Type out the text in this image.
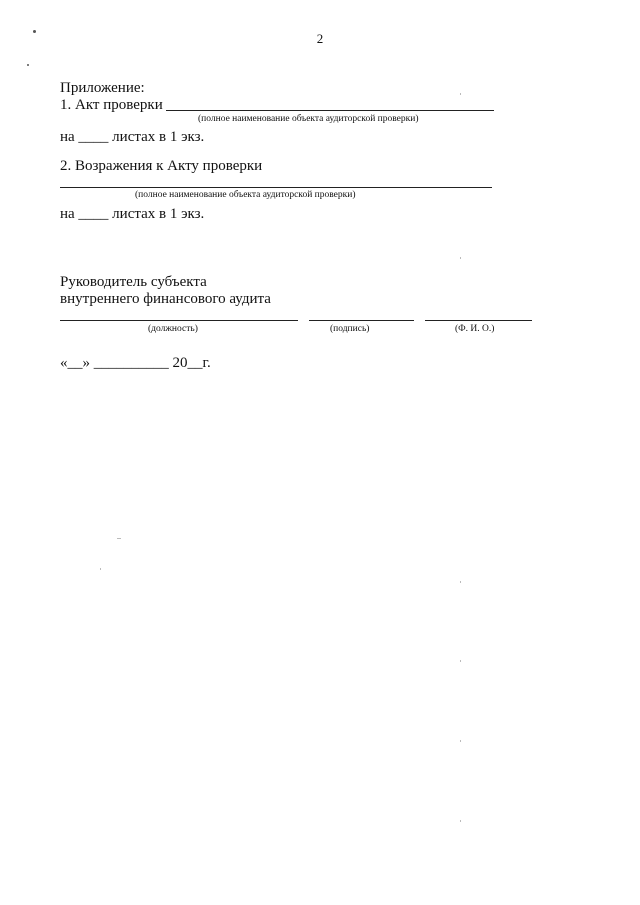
2
Приложение:
1. Акт проверки
(полное наименование объекта аудиторской проверки)
на ____ листах в 1 экз.
2. Возражения к Акту проверки
(полное наименование объекта аудиторской проверки)
на ____ листах в 1 экз.
Руководитель субъекта
внутреннего финансового аудита
(должность)	(подпись)	(Ф. И. О.)
«__» __________ 20__г.
